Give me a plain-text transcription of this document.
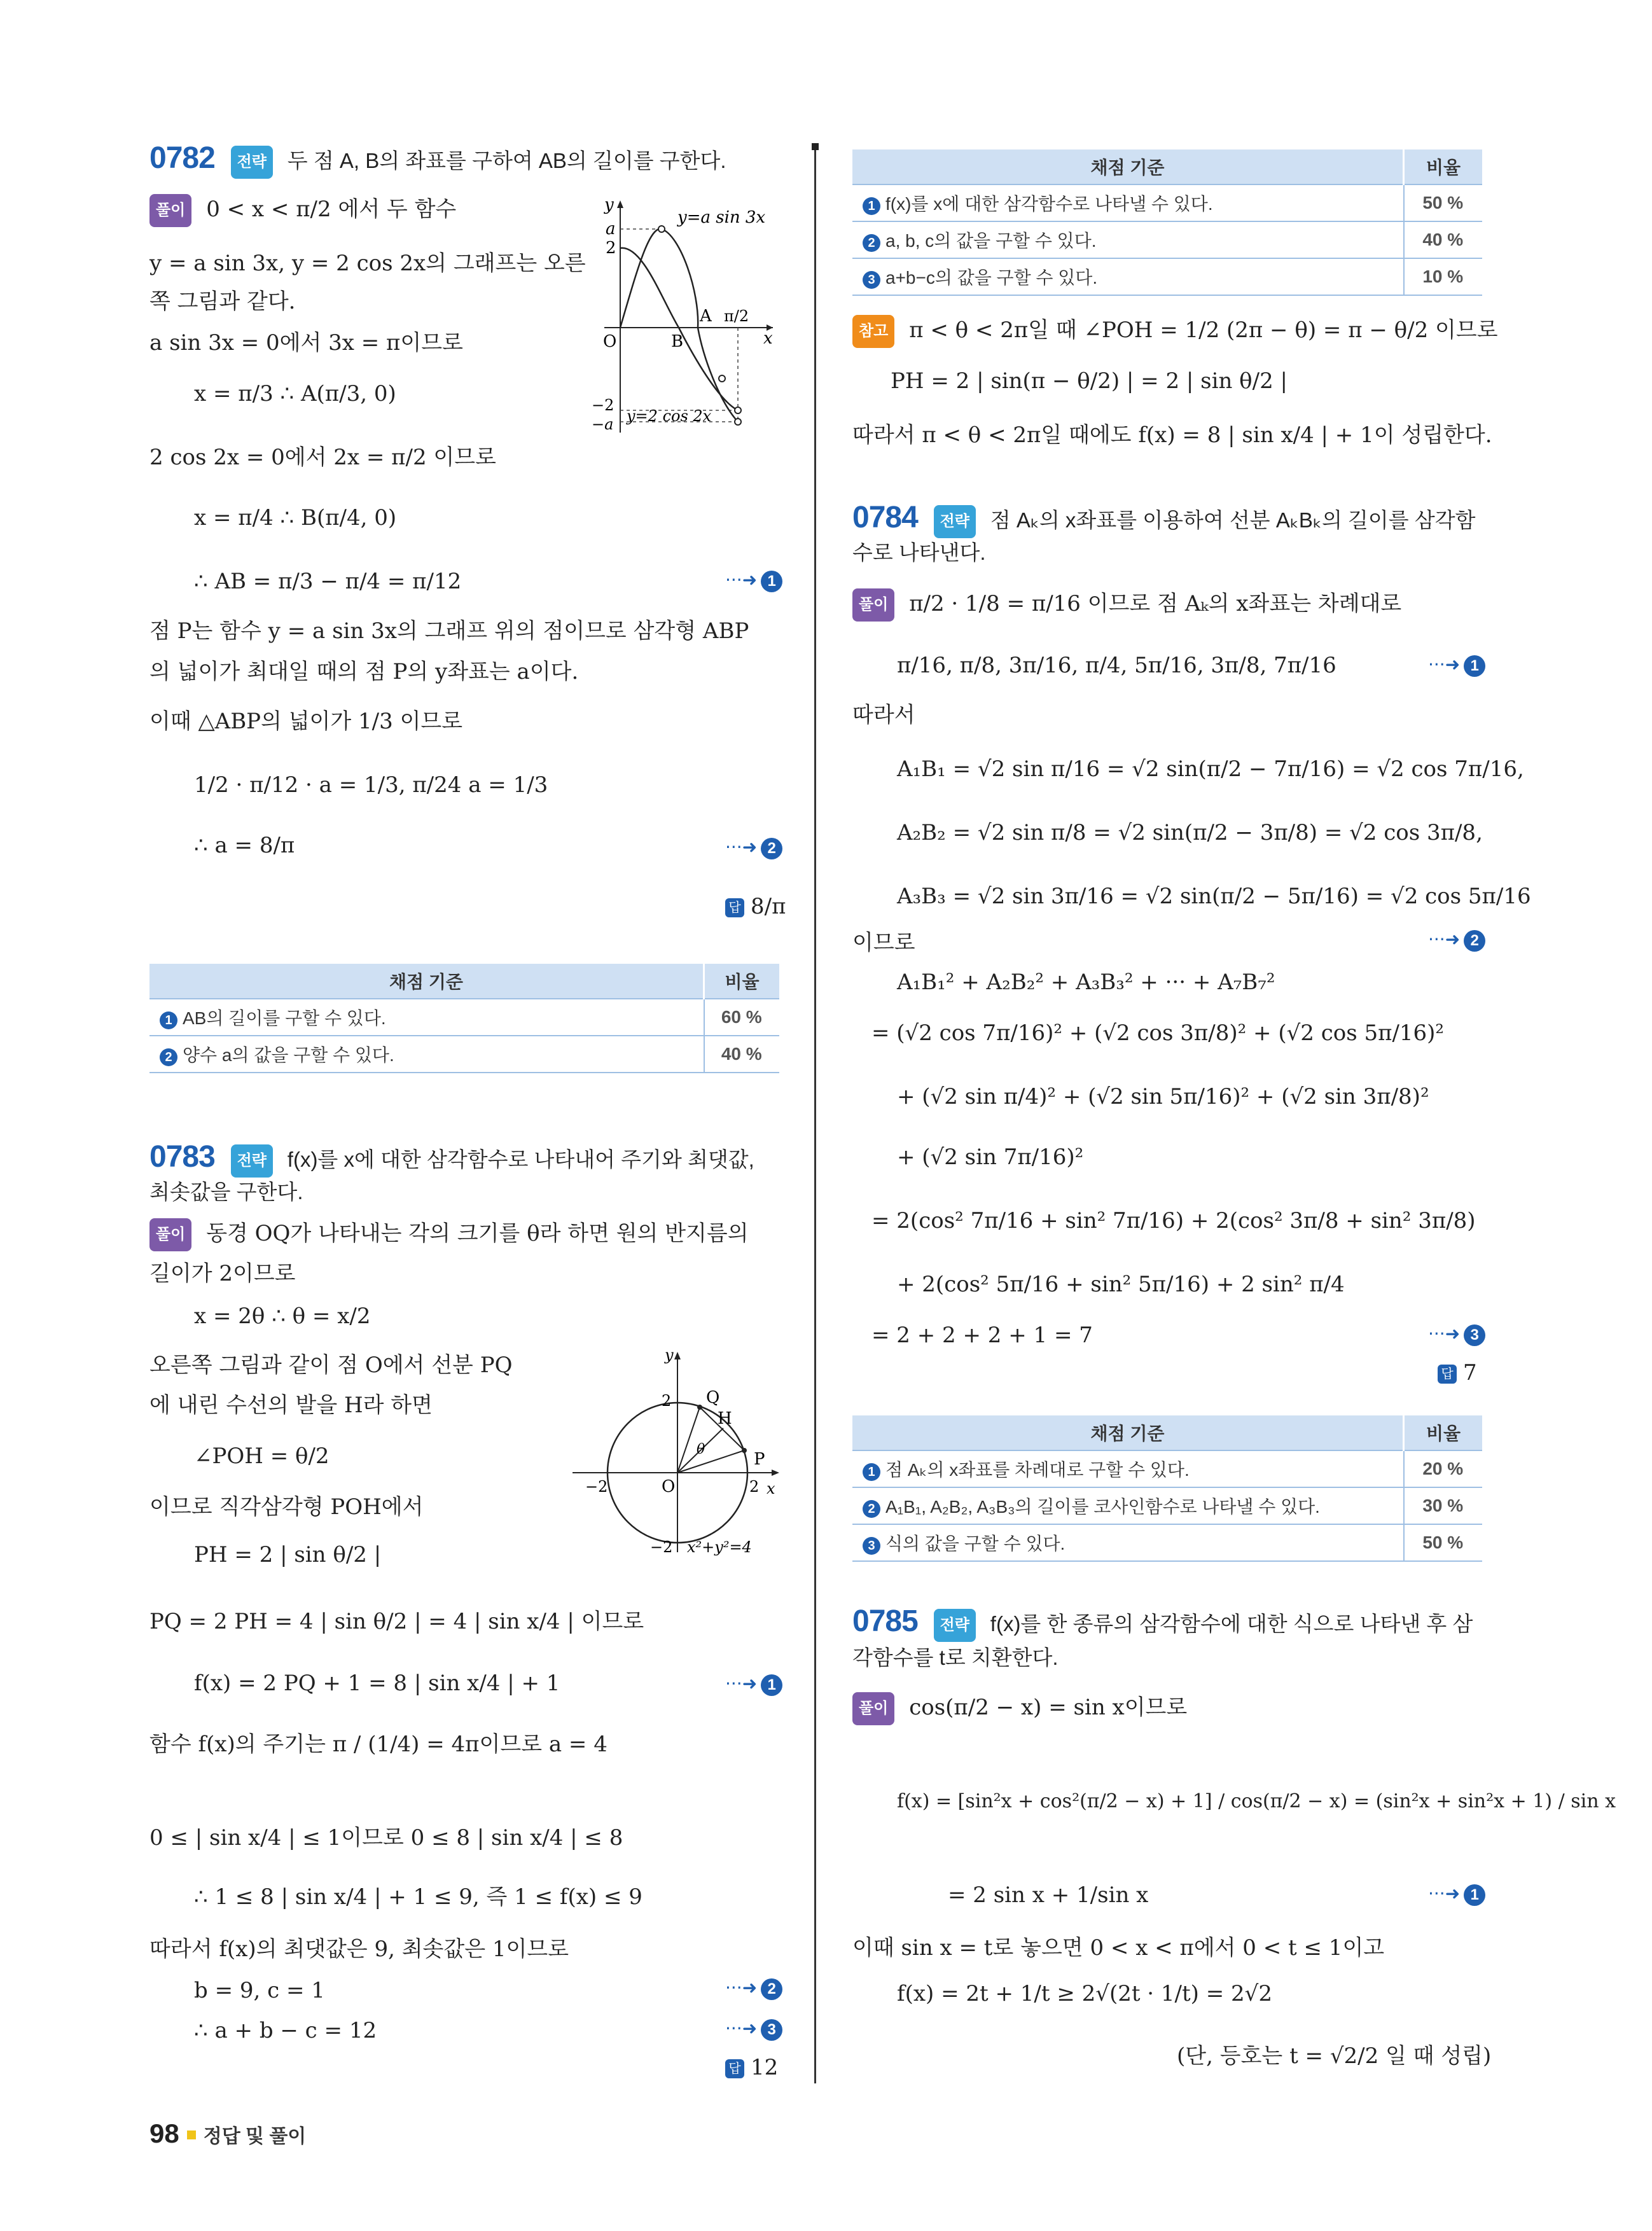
0782 전략 두 점 A, B의 좌표를 구하여 AB의 길이를 구한다.
풀이 0 < x < π/2 에서 두 함수
y = a sin 3x, y = 2 cos 2x의 그래프는 오른
쪽 그림과 같다.
a sin 3x = 0에서 3x = π이므로
x = π/3 ∴ A(π/3, 0)
2 cos 2x = 0에서 2x = π/2 이므로
x = π/4 ∴ B(π/4, 0)
∴ AB = π/3 − π/4 = π/12	···➜ 1
점 P는 함수 y = a sin 3x의 그래프 위의 점이므로 삼각형 ABP
의 넓이가 최대일 때의 점 P의 y좌표는 a이다.
이때 △ABP의 넓이가 1/3 이므로
1/2 · π/12 · a = 1/3, π/24 a = 1/3
∴ a = 8/π	···➜ 2
답 8/π
y
x
a
2
O	B
A π/2
−2
−a
y=a sin 3x
y=2 cos 2x
채점 기준	비율
1 AB의 길이를 구할 수 있다.	60 %
2 양수 a의 값을 구할 수 있다.	40 %
0783 전략 f(x)를 x에 대한 삼각함수로 나타내어 주기와 최댓값,
최솟값을 구한다.
풀이 동경 OQ가 나타내는 각의 크기를 θ라 하면 원의 반지름의
길이가 2이므로
x = 2θ ∴ θ = x/2
오른쪽 그림과 같이 점 O에서 선분 PQ
에 내린 수선의 발을 H라 하면
∠POH = θ/2
이므로 직각삼각형 POH에서
PH = 2 | sin θ/2 |
PQ = 2 PH = 4 | sin θ/2 | = 4 | sin x/4 | 이므로
f(x) = 2 PQ + 1 = 8 | sin x/4 | + 1	···➜ 1
함수 f(x)의 주기는 π / (1/4) = 4π이므로 a = 4
0 ≤ | sin x/4 | ≤ 1이므로 0 ≤ 8 | sin x/4 | ≤ 8
∴ 1 ≤ 8 | sin x/4 | + 1 ≤ 9, 즉 1 ≤ f(x) ≤ 9
따라서 f(x)의 최댓값은 9, 최솟값은 1이므로
b = 9, c = 1	···➜ 2
∴ a + b − c = 12	···➜ 3
답 12
y
x
2 Q
H
P
θ
O
−2	2
−2 x²+y²=4
채점 기준	비율
1 f(x)를 x에 대한 삼각함수로 나타낼 수 있다.	50 %
2 a, b, c의 값을 구할 수 있다.	40 %
3 a+b−c의 값을 구할 수 있다.	10 %
참고 π < θ < 2π일 때 ∠POH = 1/2 (2π − θ) = π − θ/2 이므로
PH = 2 | sin(π − θ/2) | = 2 | sin θ/2 |
따라서 π < θ < 2π일 때에도 f(x) = 8 | sin x/4 | + 1이 성립한다.
0784 전략 점 Aₖ의 x좌표를 이용하여 선분 AₖBₖ의 길이를 삼각함
수로 나타낸다.
풀이 π/2 · 1/8 = π/16 이므로 점 Aₖ의 x좌표는 차례대로
π/16, π/8, 3π/16, π/4, 5π/16, 3π/8, 7π/16	···➜ 1
따라서
A₁B₁ = √2 sin π/16 = √2 sin(π/2 − 7π/16) = √2 cos 7π/16,
A₂B₂ = √2 sin π/8 = √2 sin(π/2 − 3π/8) = √2 cos 3π/8,
A₃B₃ = √2 sin 3π/16 = √2 sin(π/2 − 5π/16) = √2 cos 5π/16
이므로	···➜ 2
A₁B₁² + A₂B₂² + A₃B₃² + ··· + A₇B₇²
= (√2 cos 7π/16)² + (√2 cos 3π/8)² + (√2 cos 5π/16)²
+ (√2 sin π/4)² + (√2 sin 5π/16)² + (√2 sin 3π/8)²
+ (√2 sin 7π/16)²
= 2(cos² 7π/16 + sin² 7π/16) + 2(cos² 3π/8 + sin² 3π/8)
+ 2(cos² 5π/16 + sin² 5π/16) + 2 sin² π/4
= 2 + 2 + 2 + 1 = 7	···➜ 3
답 7
채점 기준	비율
1 점 Aₖ의 x좌표를 차례대로 구할 수 있다.	20 %
2 A₁B₁, A₂B₂, A₃B₃의 길이를 코사인함수로 나타낼 수 있다.	30 %
3 식의 값을 구할 수 있다.	50 %
0785 전략 f(x)를 한 종류의 삼각함수에 대한 식으로 나타낸 후 삼
각함수를 t로 치환한다.
풀이 cos(π/2 − x) = sin x이므로
f(x) = [sin²x + cos²(π/2 − x) + 1] / cos(π/2 − x) = (sin²x + sin²x + 1) / sin x
= 2 sin x + 1/sin x	···➜ 1
이때 sin x = t로 놓으면 0 < x < π에서 0 < t ≤ 1이고
f(x) = 2t + 1/t ≥ 2√(2t · 1/t) = 2√2
(단, 등호는 t = √2/2 일 때 성립)
98 정답 및 풀이
